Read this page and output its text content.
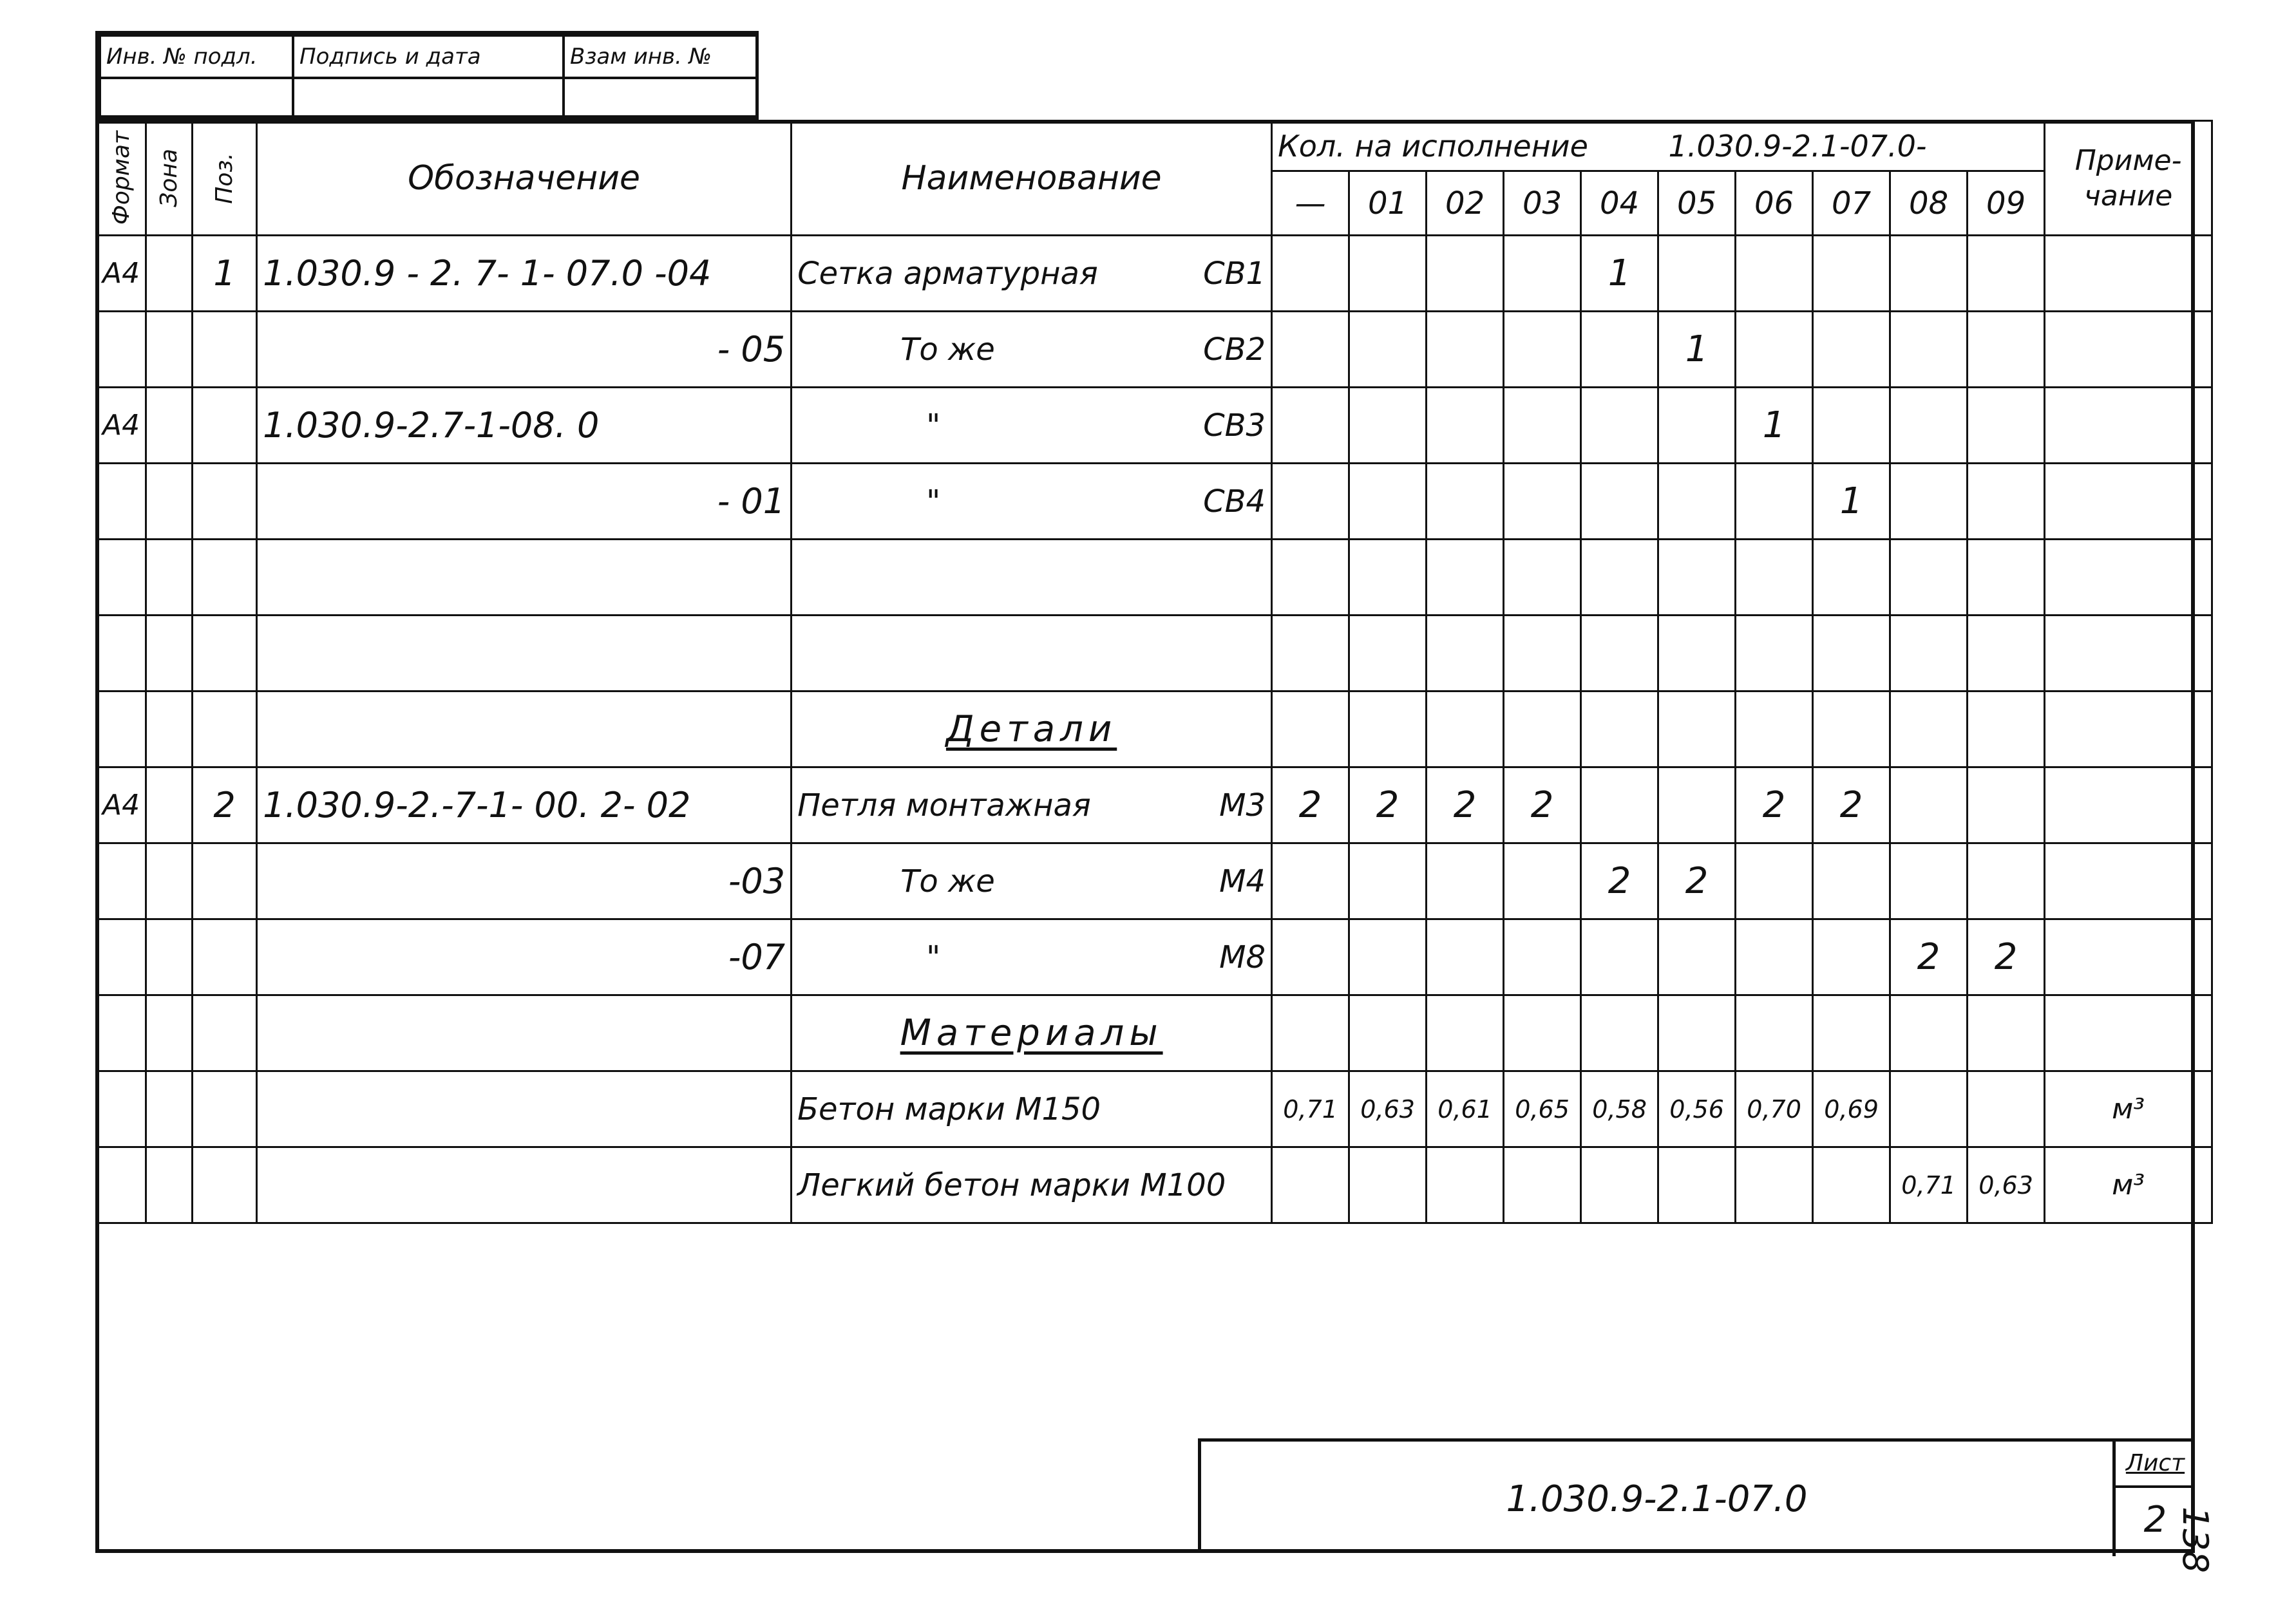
Инв. № подл.	Подпись и дата	Взам инв. №

Формат	Зона	Поз.	Обозначение	Наименование	Кол. на исполнение 1.030.9-2.1-07.0-										Приме-чание
					—	01	02	03	04	05	06	07	08	09	
А4		1	1.030.9 - 2. 7- 1- 07.0 -04	Сетка арматурная СВ1					1						
			- 05	То же СВ2						1					
А4			1.030.9-2.7-1-08. 0	" СВ3							1				
			- 01	" СВ4								1			

				Детали											
А4		2	1.030.9-2.-7-1- 00. 2- 02	Петля монтажная М3	2	2	2	2			2	2			
			-03	То же М4					2	2					
			-07	" М8									2	2	
				Материалы											
				Бетон марки М150	0,71	0,63	0,61	0,65	0,58	0,56	0,70	0,69			м³
				Легкий бетон марки М100									0,71	0,63	м³
1.030.9-2.1-07.0
Лист
2 138
